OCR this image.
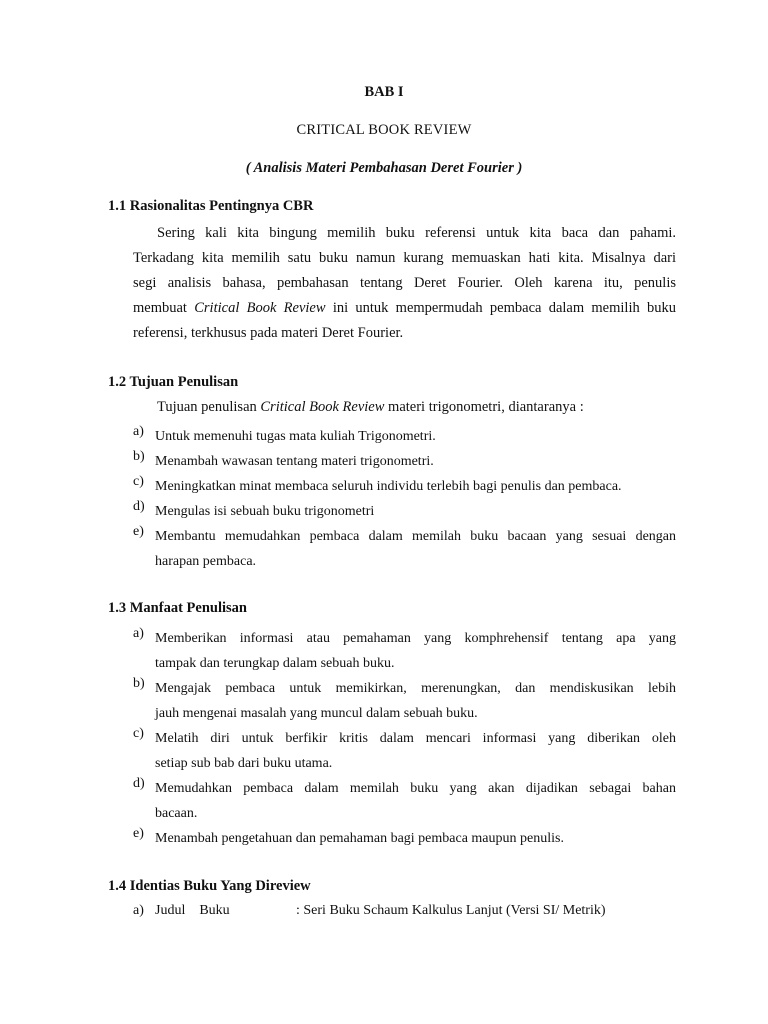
BAB I
CRITICAL BOOK REVIEW
( Analisis Materi Pembahasan Deret Fourier )
1.1 Rasionalitas Pentingnya CBR
Sering kali kita bingung memilih buku referensi untuk kita baca dan pahami.
Terkadang kita memilih satu buku namun kurang memuaskan hati kita. Misalnya dari
segi analisis bahasa, pembahasan tentang Deret Fourier. Oleh karena itu, penulis
membuat Critical Book Review ini untuk mempermudah pembaca dalam memilih buku
referensi, terkhusus pada materi Deret Fourier.
1.2 Tujuan Penulisan
Tujuan penulisan Critical Book Review materi trigonometri, diantaranya :
a) Untuk memenuhi tugas mata kuliah Trigonometri.
b) Menambah wawasan tentang materi trigonometri.
c) Meningkatkan minat membaca seluruh individu terlebih bagi penulis dan pembaca.
d) Mengulas isi sebuah buku trigonometri
e) Membantu memudahkan pembaca dalam memilah buku bacaan yang sesuai dengan
harapan pembaca.
1.3 Manfaat Penulisan
a) Memberikan informasi atau pemahaman yang komphrehensif tentang apa yang
tampak dan terungkap dalam sebuah buku.
b) Mengajak pembaca untuk memikirkan, merenungkan, dan mendiskusikan lebih
jauh mengenai masalah yang muncul dalam sebuah buku.
c) Melatih diri untuk berfikir kritis dalam mencari informasi yang diberikan oleh
setiap sub bab dari buku utama.
d) Memudahkan pembaca dalam memilah buku yang akan dijadikan sebagai bahan
bacaan.
e) Menambah pengetahuan dan pemahaman bagi pembaca maupun penulis.
1.4 Identias Buku Yang Direview
a) Judul    Buku	: Seri Buku Schaum Kalkulus Lanjut (Versi SI/ Metrik)
